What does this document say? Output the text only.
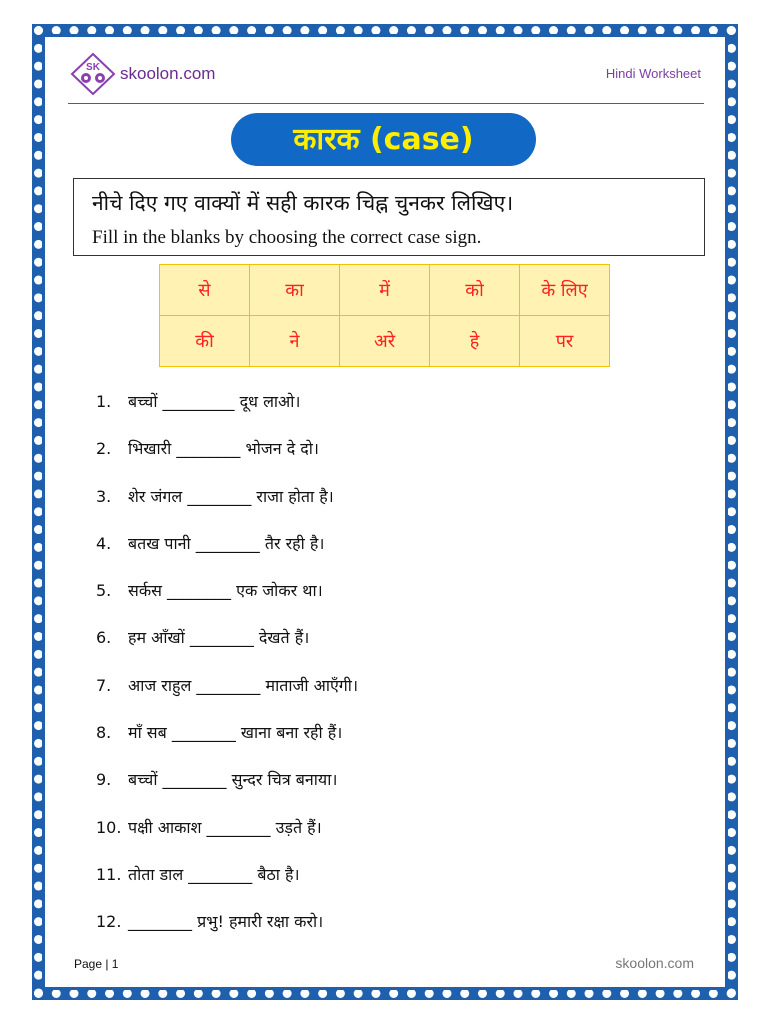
SK skoolon.com	Hindi Worksheet
कारक (case)
नीचे दिए गए वाक्यों में सही कारक चिह्न चुनकर लिखिए।
Fill in the blanks by choosing the correct case sign.
से	का	में	को	के लिए
की	ने	अरे	हे	पर
1. बच्चों _________ दूध लाओ।
2. भिखारी ________ भोजन दे दो।
3. शेर जंगल ________ राजा होता है।
4. बतख पानी ________ तैर रही है।
5. सर्कस ________ एक जोकर था।
6. हम आँखों ________ देखते हैं।
7. आज राहुल ________ माताजी आएँगी।
8. माँ सब ________ खाना बना रही हैं।
9. बच्चों ________ सुन्दर चित्र बनाया।
10. पक्षी आकाश ________ उड़ते हैं।
11. तोता डाल ________ बैठा है।
12. ________ प्रभु! हमारी रक्षा करो।
Page | 1	skoolon.com
